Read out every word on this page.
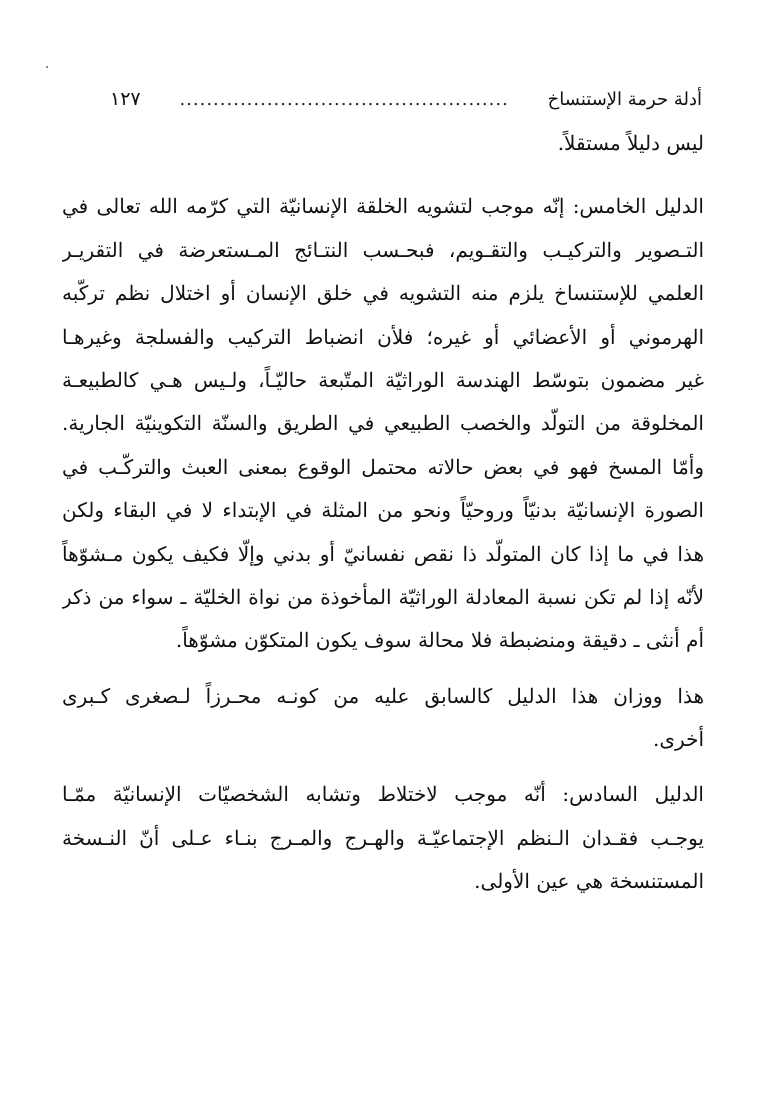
أدلة حرمة الإستنساخ
.................................................
١٢٧
ليس دليلاً مستقلاً.
الدليل الخامس: إنّه موجب لتشويه الخلقة الإنسانيّة التي كرّمه الله تعالى في
التـصوير والتركيـب والتقـويم، فبحـسب النتـائج المـستعرضة في التقريـر
العلمي للإستنساخ يلزم منه التشويه في خلق الإنسان أو اختلال نظم تركّبه
الهرموني أو الأعضائي أو غيره؛ فلأن انضباط التركيب والفسلجة وغيرهـا
غير مضمون بتوسّط الهندسة الوراثيّة المتّبعة حاليّـاً، ولـيس هـي كالطبيعـة
المخلوقة من التولّد والخصب الطبيعي في الطريق والسنّة التكوينيّة الجارية.
وأمّا المسخ فهو في بعض حالاته محتمل الوقوع بمعنى العبث والتركّـب في
الصورة الإنسانيّة بدنيّاً وروحيّاً ونحو من المثلة في الإبتداء لا في البقاء ولكن
هذا في ما إذا كان المتولّد ذا نقص نفسانيّ أو بدني وإلّا فكيف يكون مـشوّهاً
لأنّه إذا لم تكن نسبة المعادلة الوراثيّة المأخوذة من نواة الخليّة ـ سواء من ذكر
أم أنثى ـ دقيقة ومنضبطة فلا محالة سوف يكون المتكوّن مشوّهاً.
هذا ووزان هذا الدليل كالسابق عليه من كونـه محـرزاً لـصغرى كـبرى
أخرى.
الدليل السادس: أنّه موجب لاختلاط وتشابه الشخصيّات الإنسانيّة ممّـا
يوجـب فقـدان الـنظم الإجتماعيّـة والهـرج والمـرج بنـاء عـلى أنّ النـسخة
المستنسخة هي عين الأولى.
